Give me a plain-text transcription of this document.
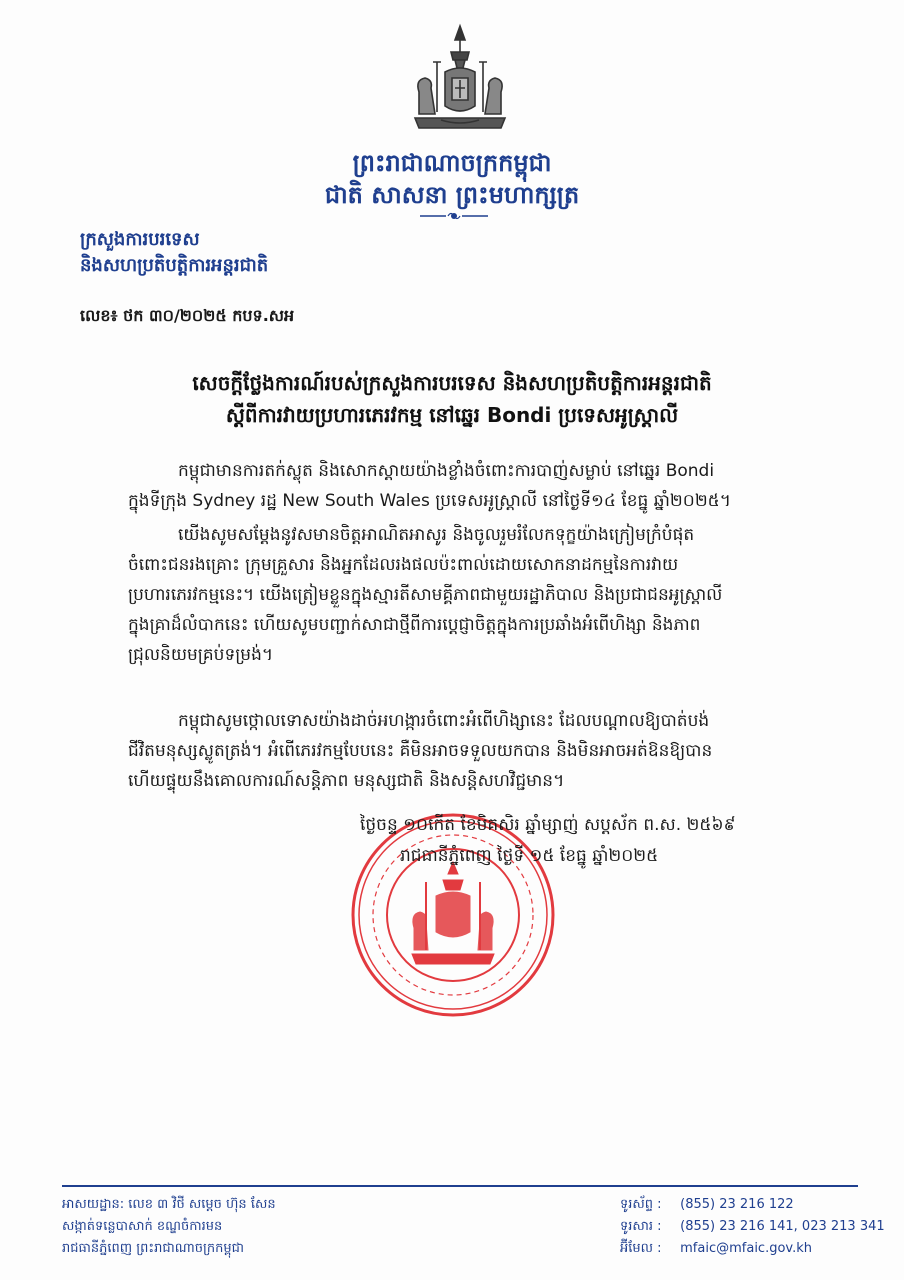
ព្រះរាជាណាចក្រកម្ពុជា
ជាតិ សាសនា ព្រះមហាក្សត្រ
ក្រសួងការបរទេស
និងសហប្រតិបត្តិការអន្តរជាតិ
លេខ៖ ថក ៣០/២០២៥ កបទ.សអ
សេចក្តីថ្លែងការណ៍របស់ក្រសួងការបរទេស និងសហប្រតិបត្តិការអន្តរជាតិ
ស្តីពីការវាយប្រហារភេរវកម្ម នៅឆ្នេរ Bondi ប្រទេសអូស្ត្រាលី
កម្ពុជាមានការតក់ស្លុត និងសោកស្តាយយ៉ាងខ្លាំងចំពោះការបាញ់សម្លាប់ នៅឆ្នេរ Bondi
ក្នុងទីក្រុង Sydney រដ្ឋ New South Wales ប្រទេសអូស្ត្រាលី នៅថ្ងៃទី១៤ ខែធ្នូ ឆ្នាំ២០២៥។
យើងសូមសម្តែងនូវសមានចិត្តអាណិតអាសូរ និងចូលរួមរំលែកទុក្ខយ៉ាងក្រៀមក្រំបំផុត
ចំពោះជនរងគ្រោះ ក្រុមគ្រួសារ និងអ្នកដែលរងផលប៉ះពាល់ដោយសោកនាដកម្មនៃការវាយ
ប្រហារភេរវកម្មនេះ។ យើងត្រៀមខ្លួនក្នុងស្មារតីសាមគ្គីភាពជាមួយរដ្ឋាភិបាល និងប្រជាជនអូស្ត្រាលី
ក្នុងគ្រាដ៏លំបាកនេះ ហើយសូមបញ្ជាក់សាជាថ្មីពីការប្តេជ្ញាចិត្តក្នុងការប្រឆាំងអំពើហិង្សា និងភាព
ជ្រុលនិយមគ្រប់ទម្រង់។
កម្ពុជាសូមថ្កោលទោសយ៉ាងដាច់អហង្ការចំពោះអំពើហិង្សានេះ ដែលបណ្តាលឱ្យបាត់បង់
ជីវិតមនុស្សស្លូតត្រង់។ អំពើភេរវកម្មបែបនេះ គឺមិនអាចទទួលយកបាន និងមិនអាចអត់ឱនឱ្យបាន
ហើយផ្ទុយនឹងគោលការណ៍សន្តិភាព មនុស្សជាតិ និងសន្តិសហវិជ្ជមាន។
ថ្ងៃចន្ទ ១០កើត ខែមិគសិរ ឆ្នាំម្សាញ់ សប្តស័ក ព.ស. ២៥៦៩
រាជធានីភ្នំពេញ ថ្ងៃទី ១៥ ខែធ្នូ ឆ្នាំ២០២៥
អាសយដ្ឋាន: លេខ ៣ វិថី សម្តេច ហ៊ុន សែន
សង្កាត់ទន្លេបាសាក់ ខណ្ឌចំការមន
រាជធានីភ្នំពេញ ព្រះរាជាណាចក្រកម្ពុជា
ទូរស័ព្ទ : (855) 23 216 122
ទូរសារ : (855) 23 216 141, 023 213 341
អ៊ីមែល : mfaic@mfaic.gov.kh
